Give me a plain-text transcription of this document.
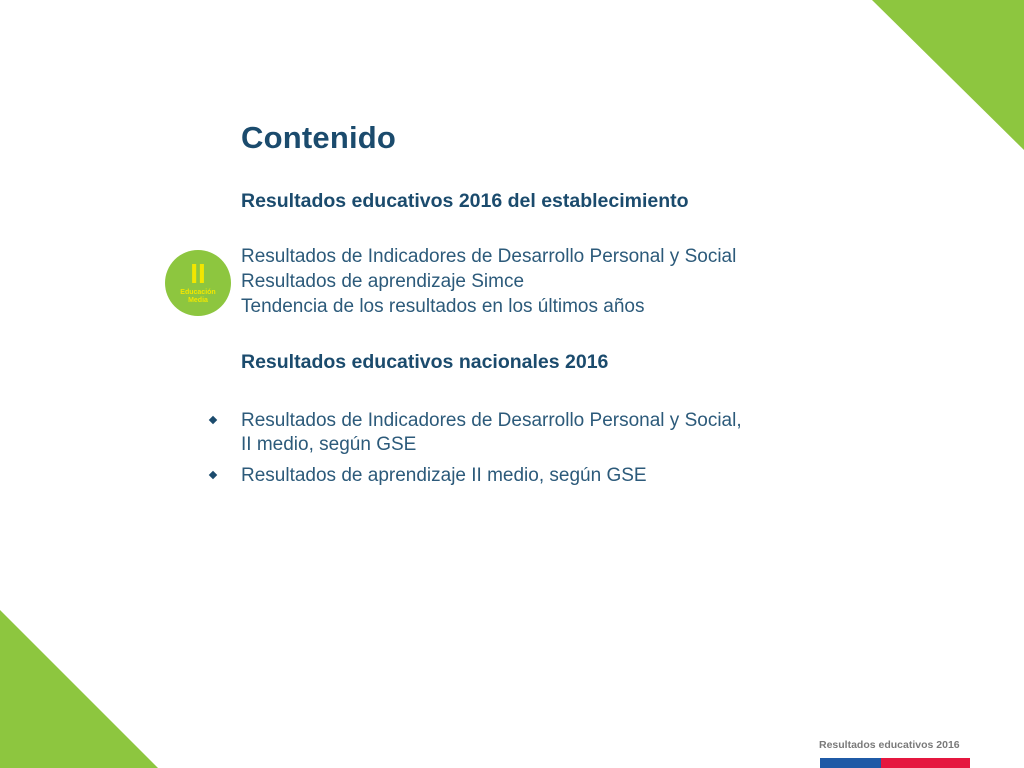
Contenido
Resultados educativos 2016 del establecimiento
II
Educación
Media
Resultados de Indicadores de Desarrollo Personal y Social
Resultados de aprendizaje Simce
Tendencia de los resultados en los últimos años
Resultados educativos nacionales 2016
Resultados de Indicadores de Desarrollo Personal y Social,
II medio, según GSE
Resultados de aprendizaje II medio, según GSE

Resultados educativos 2016
